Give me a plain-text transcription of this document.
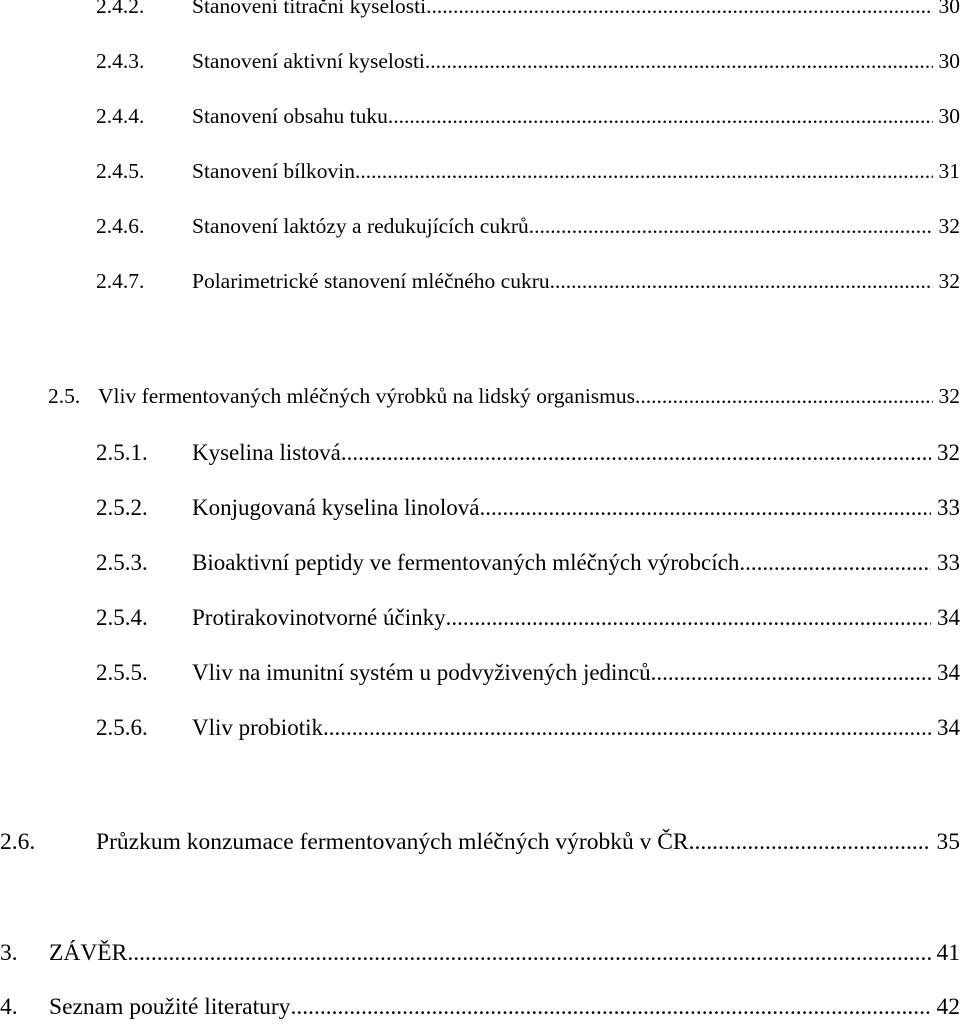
2.4.2.	Stanovení titrační kyselosti .....	30
2.4.3.	Stanovení aktivní kyselosti .....	30
2.4.4.	Stanovení obsahu tuku .....	30
2.4.5.	Stanovení bílkovin .....	31
2.4.6.	Stanovení laktózy a redukujících cukrů .....	32
2.4.7.	Polarimetrické stanovení mléčného cukru .....	32
2.5. Vliv fermentovaných mléčných výrobků na lidský organismus .....	32
2.5.1.	Kyselina listová .....	32
2.5.2.	Konjugovaná kyselina linolová .....	33
2.5.3.	Bioaktivní peptidy ve fermentovaných mléčných výrobcích .....	33
2.5.4.	Protirakovinotvorné účinky .....	34
2.5.5.	Vliv na imunitní systém u podvyživených jedinců .....	34
2.5.6.	Vliv probiotik .....	34
2.6.	Průzkum konzumace fermentovaných mléčných výrobků v ČR .....	35
3.	ZÁVĚR .....	41
4.	Seznam použité literatury .....	42
